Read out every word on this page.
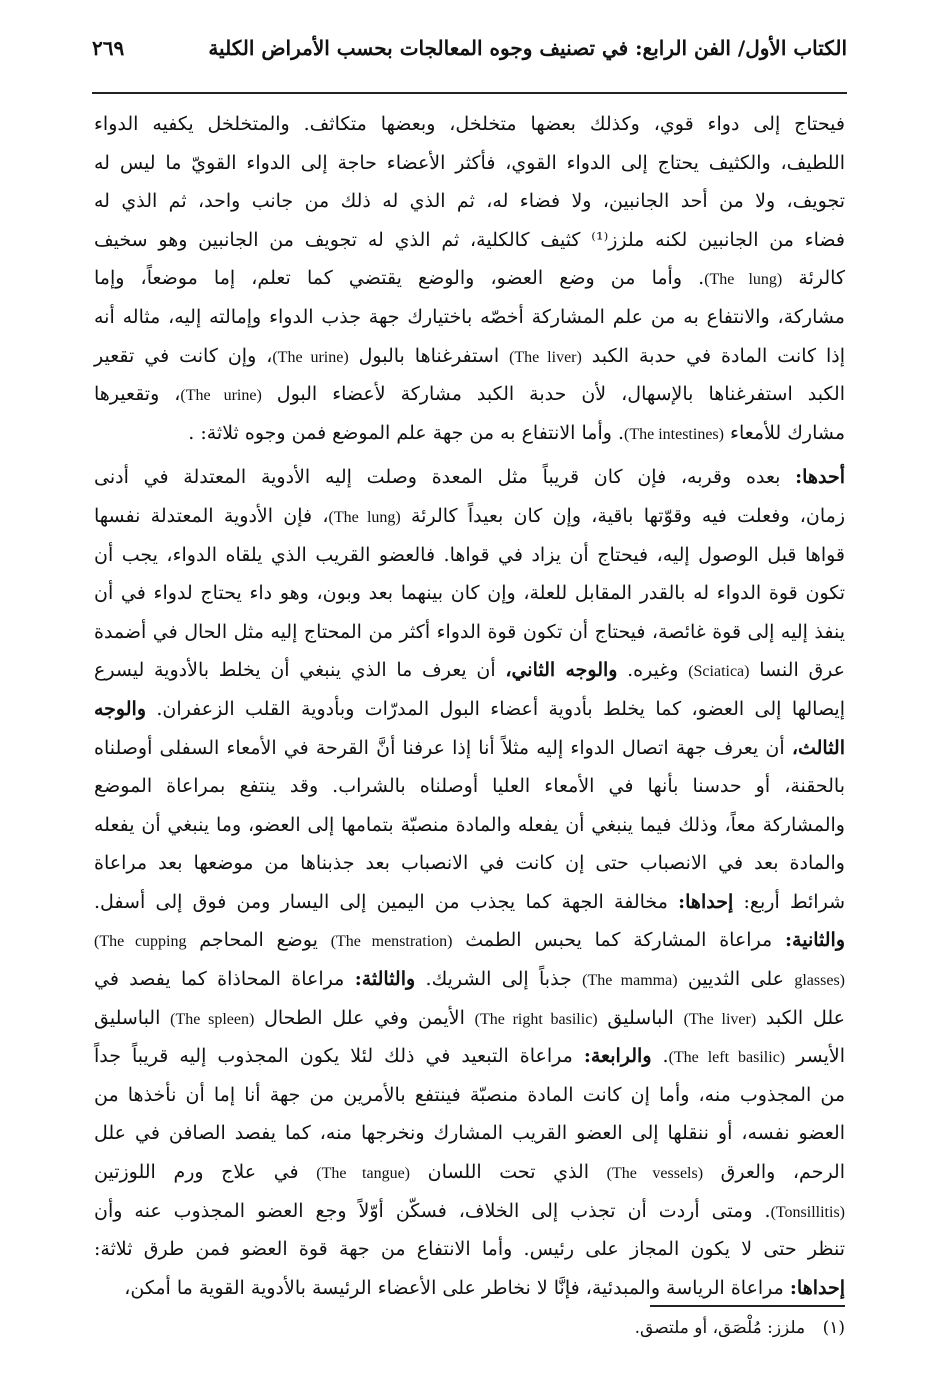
الكتاب الأول/ الفن الرابع: في تصنيف وجوه المعالجات بحسب الأمراض الكلية
٢٦٩
فيحتاج إلى دواء قوي، وكذلك بعضها متخلخل، وبعضها متكاثف. والمتخلخل يكفيه الدواء
اللطيف، والكثيف يحتاج إلى الدواء القوي، فأكثر الأعضاء حاجة إلى الدواء القويّ ما ليس له
تجويف، ولا من أحد الجانبين، ولا فضاء له، ثم الذي له ذلك من جانب واحد، ثم الذي له
فضاء من الجانبين لكنه ملزز⁽¹⁾ كثيف كالكلية، ثم الذي له تجويف من الجانبين وهو سخيف
كالرئة (The lung). وأما من وضع العضو، والوضع يقتضي كما تعلم، إما موضعاً، وإما
مشاركة، والانتفاع به من علم المشاركة أخصّه باختيارك جهة جذب الدواء وإمالته إليه، مثاله أنه
إذا كانت المادة في حدبة الكبد (The liver) استفرغناها بالبول (The urine)، وإن كانت في تقعير
الكبد استفرغناها بالإسهال، لأن حدبة الكبد مشاركة لأعضاء البول (The urine)، وتقعيرها
مشارك للأمعاء (The intestines). وأما الانتفاع به من جهة علم الموضع فمن وجوه ثلاثة: .
أحدها: بعده وقربه، فإن كان قريباً مثل المعدة وصلت إليه الأدوية المعتدلة في أدنى
زمان، وفعلت فيه وقوّتها باقية، وإن كان بعيداً كالرئة (The lung)، فإن الأدوية المعتدلة نفسها
قواها قبل الوصول إليه، فيحتاج أن يزاد في قواها. فالعضو القريب الذي يلقاه الدواء، يجب أن
تكون قوة الدواء له بالقدر المقابل للعلة، وإن كان بينهما بعد وبون، وهو داء يحتاج لدواء في أن
ينفذ إليه إلى قوة غائصة، فيحتاج أن تكون قوة الدواء أكثر من المحتاج إليه مثل الحال في أضمدة
عرق النسا (Sciatica) وغيره. والوجه الثاني، أن يعرف ما الذي ينبغي أن يخلط بالأدوية ليسرع
إيصالها إلى العضو، كما يخلط بأدوية أعضاء البول المدرّات وبأدوية القلب الزعفران. والوجه
الثالث، أن يعرف جهة اتصال الدواء إليه مثلاً أنا إذا عرفنا أنَّ القرحة في الأمعاء السفلى أوصلناه
بالحقنة، أو حدسنا بأنها في الأمعاء العليا أوصلناه بالشراب. وقد ينتفع بمراعاة الموضع
والمشاركة معاً، وذلك فيما ينبغي أن يفعله والمادة منصبّة بتمامها إلى العضو، وما ينبغي أن يفعله
والمادة بعد في الانصباب حتى إن كانت في الانصباب بعد جذبناها من موضعها بعد مراعاة
شرائط أربع: إحداها: مخالفة الجهة كما يجذب من اليمين إلى اليسار ومن فوق إلى أسفل.
والثانية: مراعاة المشاركة كما يحبس الطمث (The menstration) يوضع المحاجم (The cupping
glasses) على الثديين (The mamma) جذباً إلى الشريك. والثالثة: مراعاة المحاذاة كما يفصد في
علل الكبد (The liver) الباسليق (The right basilic) الأيمن وفي علل الطحال (The spleen) الباسليق
الأيسر (The left basilic). والرابعة: مراعاة التبعيد في ذلك لئلا يكون المجذوب إليه قريباً جداً
من المجذوب منه، وأما إن كانت المادة منصبّة فينتفع بالأمرين من جهة أنا إما أن نأخذها من
العضو نفسه، أو ننقلها إلى العضو القريب المشارك ونخرجها منه، كما يفصد الصافن في علل
الرحم، والعرق (The vessels) الذي تحت اللسان (The tangue) في علاج ورم اللوزتين
(Tonsillitis). ومتى أردت أن تجذب إلى الخلاف، فسكّن أوّلاً وجع العضو المجذوب عنه وأن
تنظر حتى لا يكون المجاز على رئيس. وأما الانتفاع من جهة قوة العضو فمن طرق ثلاثة:
إحداها: مراعاة الرياسة والمبدئية، فإنَّا لا نخاطر على الأعضاء الرئيسة بالأدوية القوية ما أمكن،
(١) ملزز: مُلْصَق، أو ملتصق.
